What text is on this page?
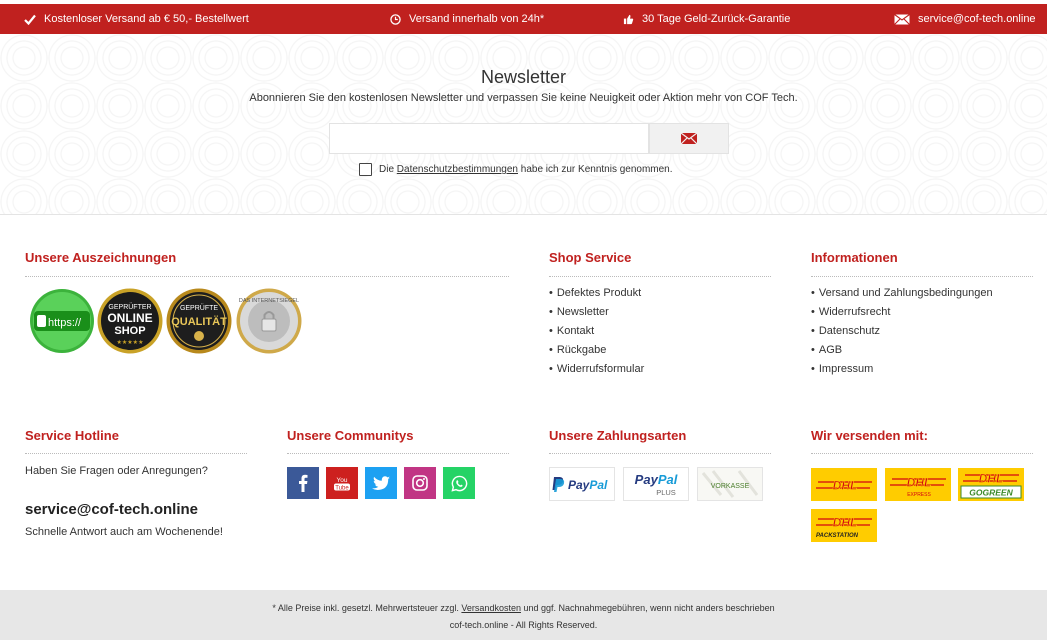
Kostenloser Versand ab € 50,- Bestellwert	Versand innerhalb von 24h*	30 Tage Geld-Zurück-Garantie	service@cof-tech.online
Newsletter
Abonnieren Sie den kostenlosen Newsletter und verpassen Sie keine Neuigkeit oder Aktion mehr von COF Tech.
Die Datenschutzbestimmungen habe ich zur Kenntnis genommen.
Unsere Auszeichnungen
https://
GEPRÜFTER
ONLINE
SHOP
★★★★★
GEPRÜFTE
QUALITÄT
DAS INTERNETSIEGEL
Shop Service
• Defektes Produkt
• Newsletter
• Kontakt
• Rückgabe
• Widerrufsformular
Informationen
• Versand und Zahlungsbedingungen
• Widerrufsrecht
• Datenschutz
• AGB
• Impressum
Service Hotline
Haben Sie Fragen oder Anregungen?
service@cof-tech.online
Schnelle Antwort auch am Wochenende!
Unsere Communitys
You
Tube
Unsere Zahlungsarten
PayPal PayPal
PLUS
VORKASSE
Wir versenden mit:
DHL	DHL
EXPRESS
DHL
GOGREEN
DHL
PACKSTATION
* Alle Preise inkl. gesetzl. Mehrwertsteuer zzgl. Versandkosten und ggf. Nachnahmegebühren, wenn nicht anders beschrieben
cof-tech.online - All Rights Reserved.
